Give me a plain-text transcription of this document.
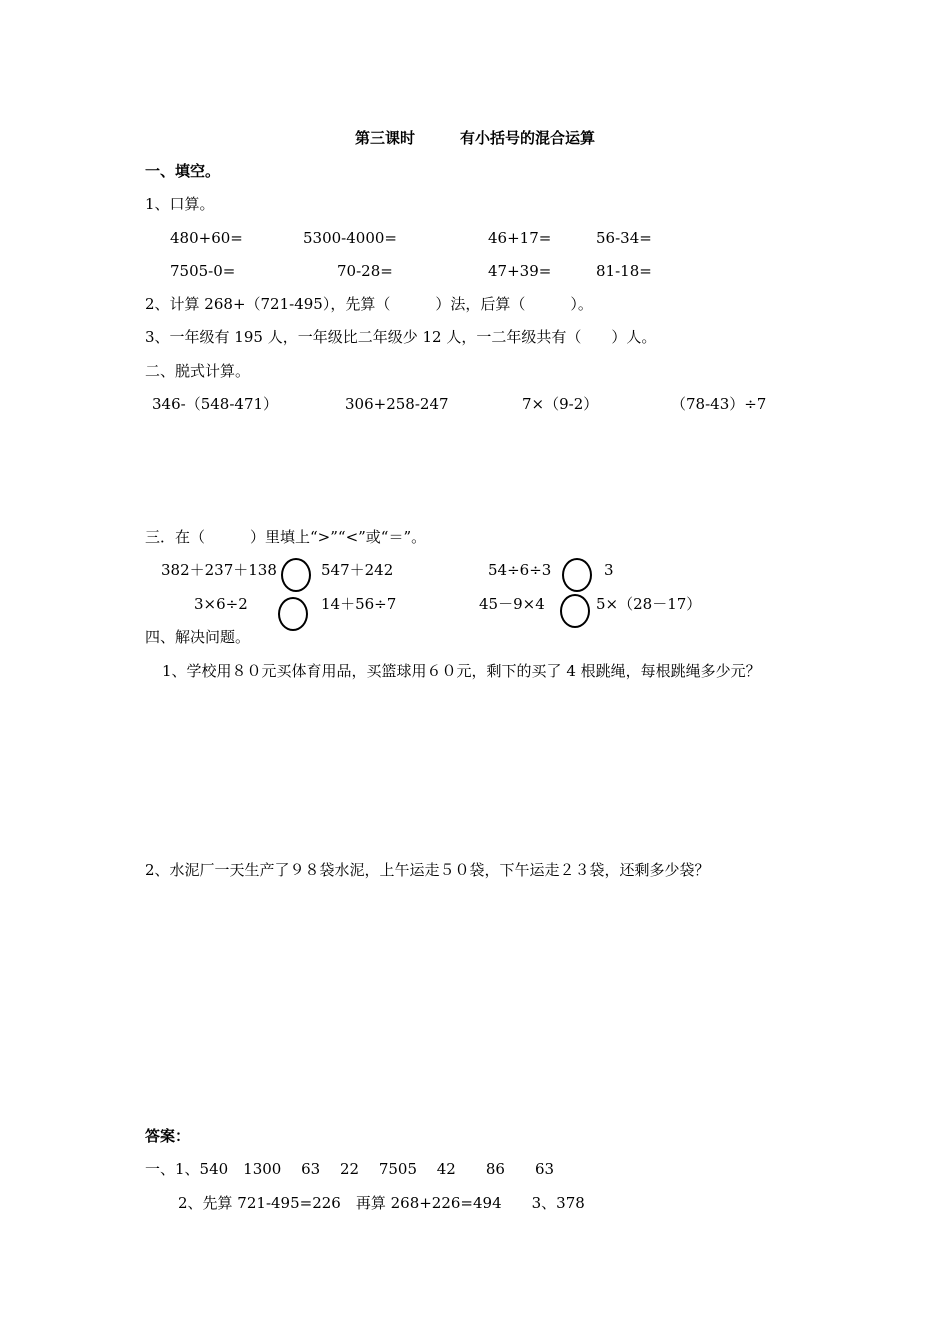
第三课时　　　有小括号的混合运算
一、填空。
1、口算。
480+60=	5300-4000=	46+17=	56-34=
7505-0=	70-28=	47+39=	81-18=
2、计算 268+（721-495），先算（　　　）法，后算（　　　）。
3、一年级有 195 人，一年级比二年级少 12 人，一二年级共有（　　）人。
二、脱式计算。
346-（548-471）	306+258-247	7×（9-2）	（78-43）÷7
三．在（　　　）里填上“>”“<”或“＝”。
382＋237＋138	547＋242	54÷6÷3	3
3×6÷2	14＋56÷7	45－9×4	5×（28－17）
四、解决问题。
1、学校用８０元买体育用品，买篮球用６０元，剩下的买了 4 根跳绳，每根跳绳多少元？
2、水泥厂一天生产了９８袋水泥，上午运走５０袋，下午运走２３袋，还剩多少袋？
答案：
一、1、540　1300　 63　 22　 7505　 42　　86　　63
2、先算 721-495=226　再算 268+226=494　　3、378
